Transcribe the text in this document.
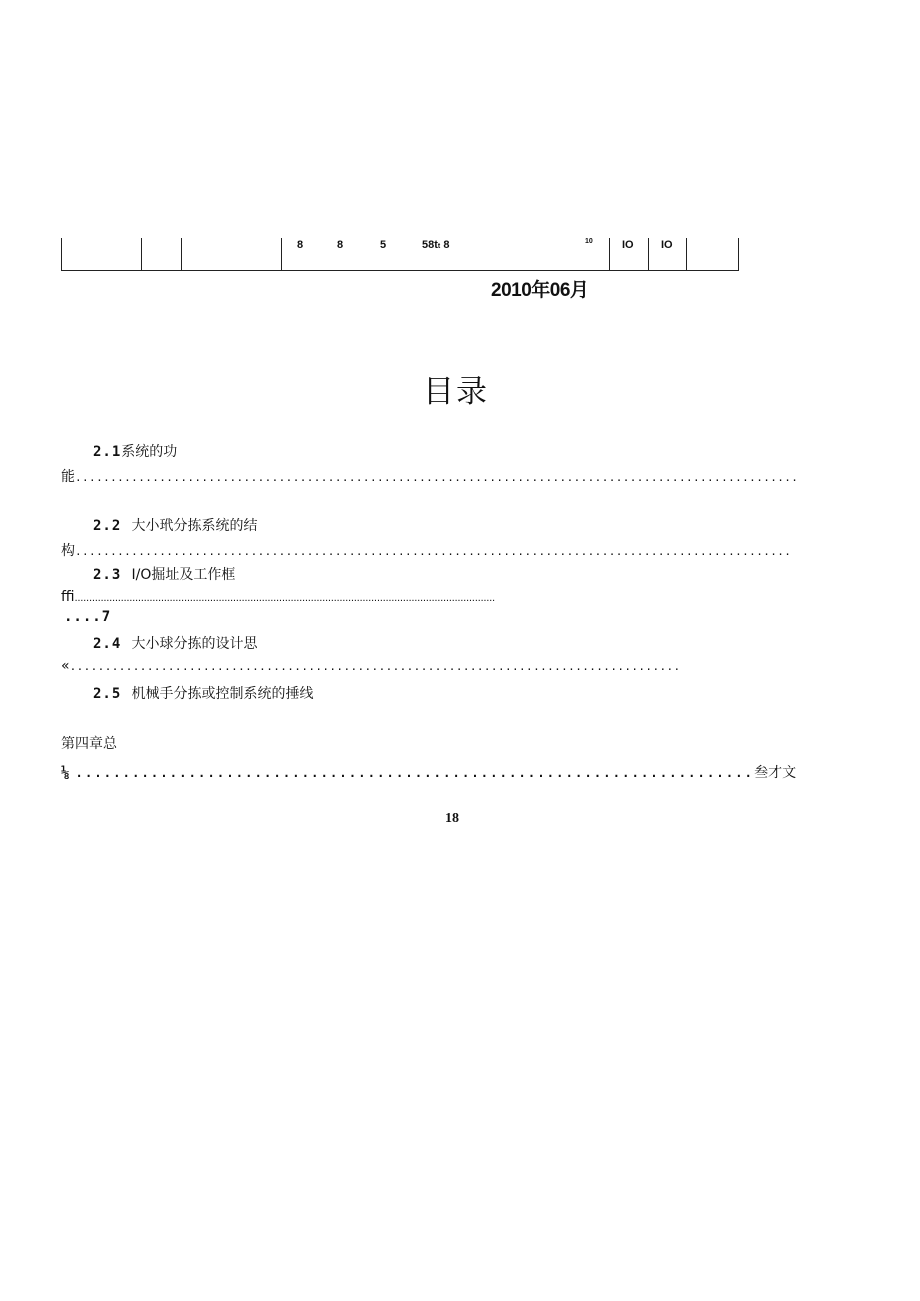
8	8	5	58tt 8	10	IO IO
2010年06月
目录
2.1系统的功
能.......................................................................................................
2.2 大小玳分拣系统的结
构......................................................................................................
2.3 I/O掘址及工作框
ffi..................................................................................................................................................
....7
2.4 大小球分拣的设计思
«.......................................................................................
2.5 机械手分拣或控制系统的捶线
第四章总
⅛ ........................................................................叁才文
18
